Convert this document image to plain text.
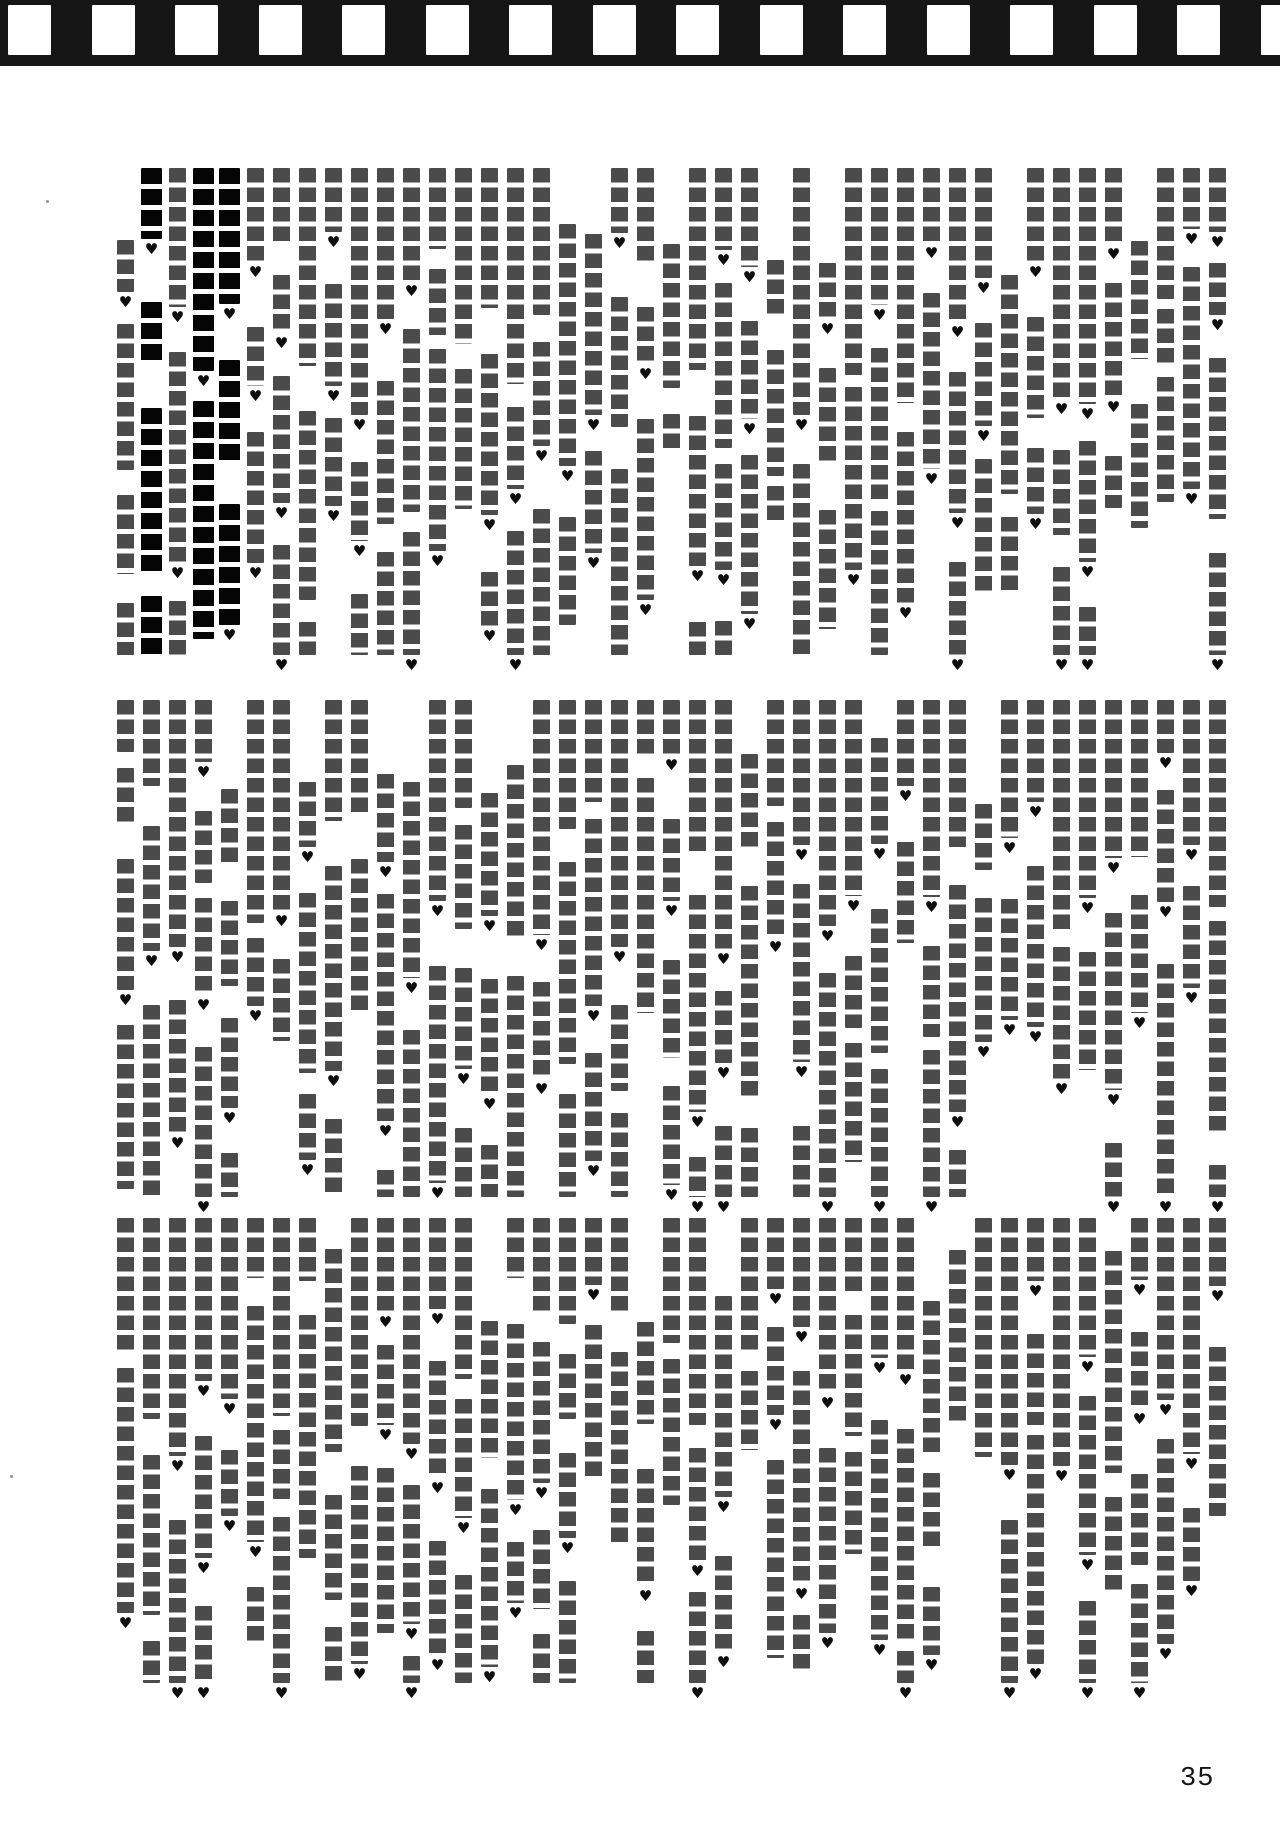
♥
♥
♥
♥
♥
♥
♥
♥
♥
♥
♥
♥
♥
♥
♥
♥
♥
♥
♥
♥
♥
♥
♥
♥
♥
♥
♥
♥
♥
♥
♥
♥
♥
♥
♥
♥
♥
♥
♥
♥
♥
♥
♥
♥
♥
♥
♥
♥
♥
♥
♥
♥
♥
♥
♥
♥
♥
♥
♥
♥
♥
♥
♥
♥
♥
♥
♥
♥
♥
♥
♥
♥
♥
♥
♥
♥
♥
♥
♥
♥
♥
♥
♥
♥
♥
♥
♥
♥
♥
♥
♥
♥
♥
♥
♥
♥
♥
♥
♥
♥
♥
♥
♥
♥
♥
♥
♥
♥
♥
♥
♥
♥
♥
♥
♥
♥
♥
♥
♥
♥
♥
♥
♥
♥
♥
♥
♥
♥
♥
♥
♥
♥
♥
♥
♥
♥
♥
♥
♥
♥
♥
♥
♥
♥
♥
♥
♥
♥
♥
♥
♥
♥
♥
♥
♥
♥
♥
♥
♥
♥
♥
♥
♥
♥
♥
♥
♥
♥
♥
♥
♥
♥
♥
♥
♥
♥
♥
♥
♥
♥
♥
♥
♥
♥
♥
♥
35
